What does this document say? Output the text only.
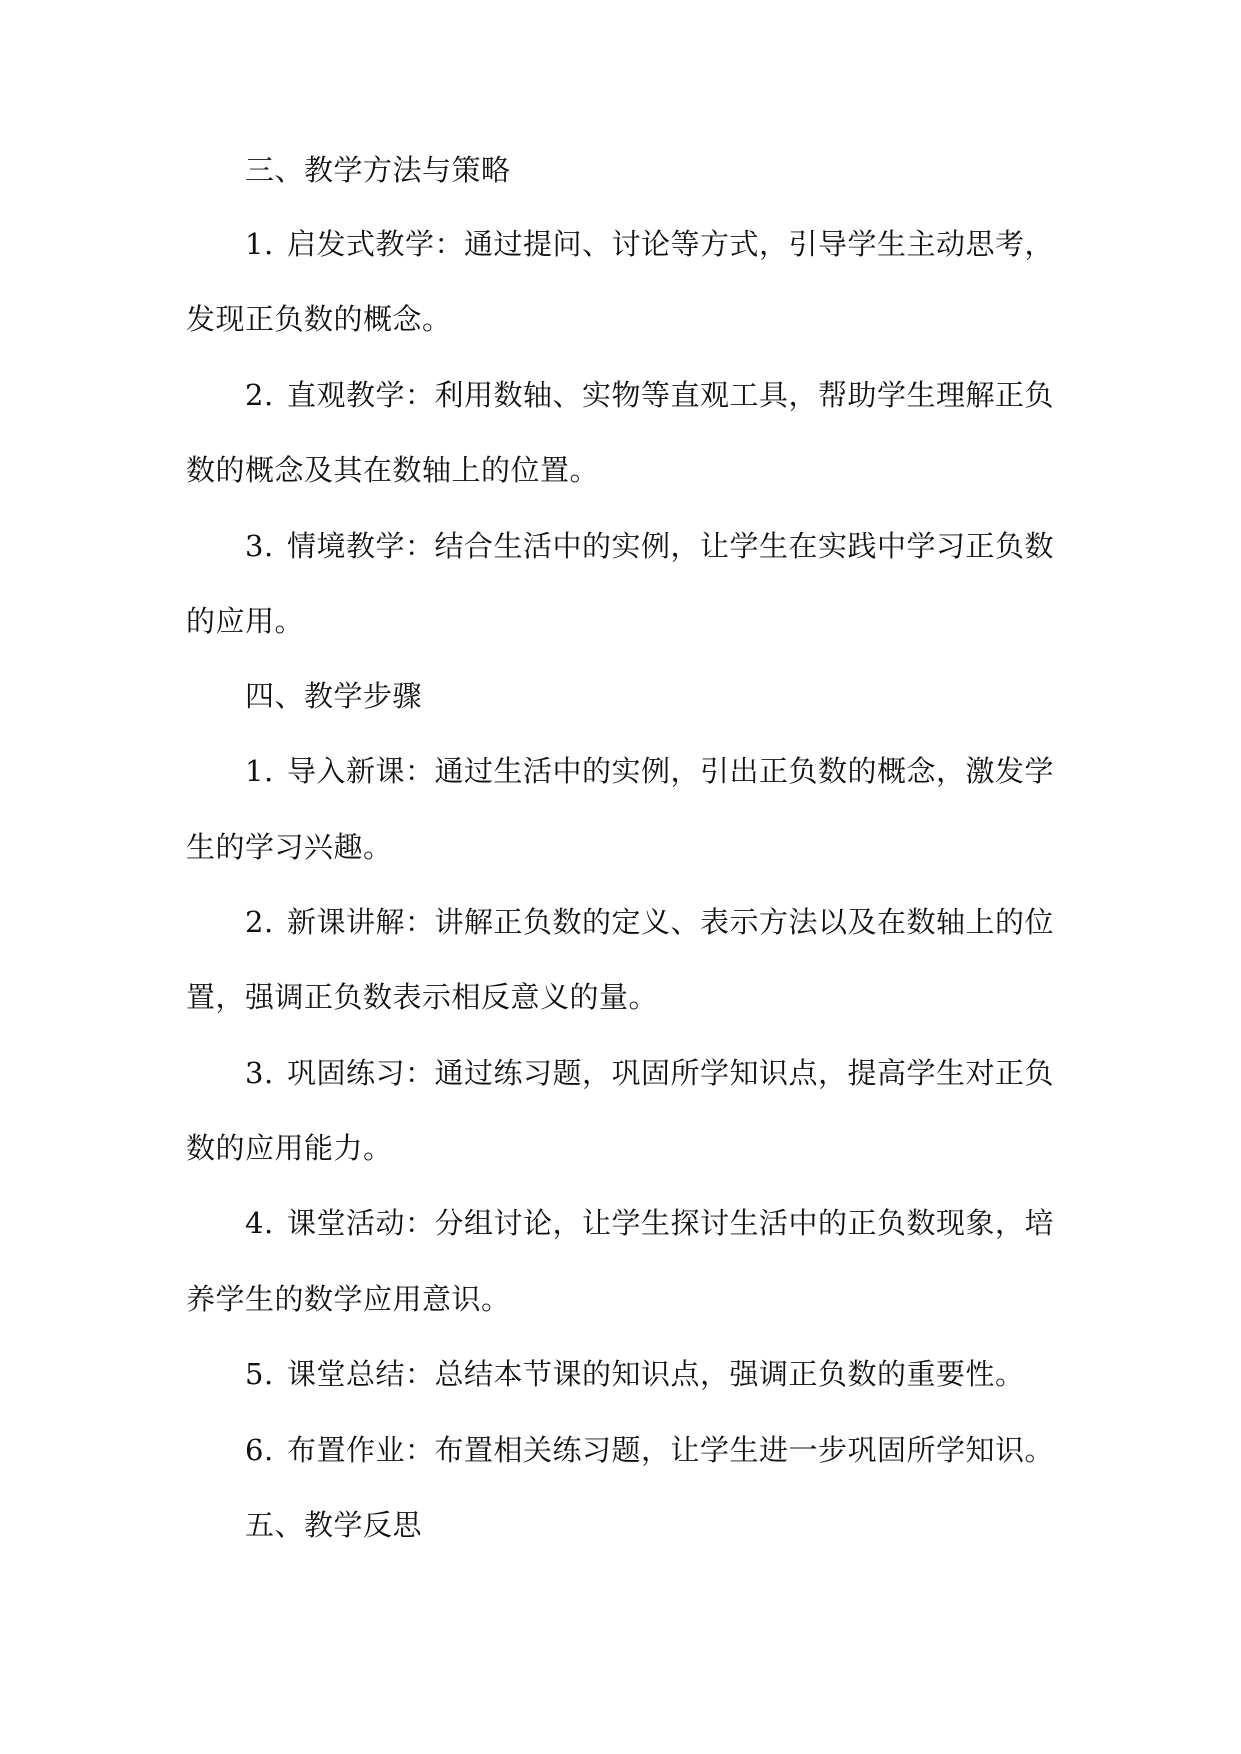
三、教学方法与策略
1. 启发式教学：通过提问、讨论等方式，引导学生主动思考，
发现正负数的概念。
2. 直观教学：利用数轴、实物等直观工具，帮助学生理解正负
数的概念及其在数轴上的位置。
3. 情境教学：结合生活中的实例，让学生在实践中学习正负数
的应用。
四、教学步骤
1. 导入新课：通过生活中的实例，引出正负数的概念，激发学
生的学习兴趣。
2. 新课讲解：讲解正负数的定义、表示方法以及在数轴上的位
置，强调正负数表示相反意义的量。
3. 巩固练习：通过练习题，巩固所学知识点，提高学生对正负
数的应用能力。
4. 课堂活动：分组讨论，让学生探讨生活中的正负数现象，培
养学生的数学应用意识。
5. 课堂总结：总结本节课的知识点，强调正负数的重要性。
6. 布置作业：布置相关练习题，让学生进一步巩固所学知识。
五、教学反思
